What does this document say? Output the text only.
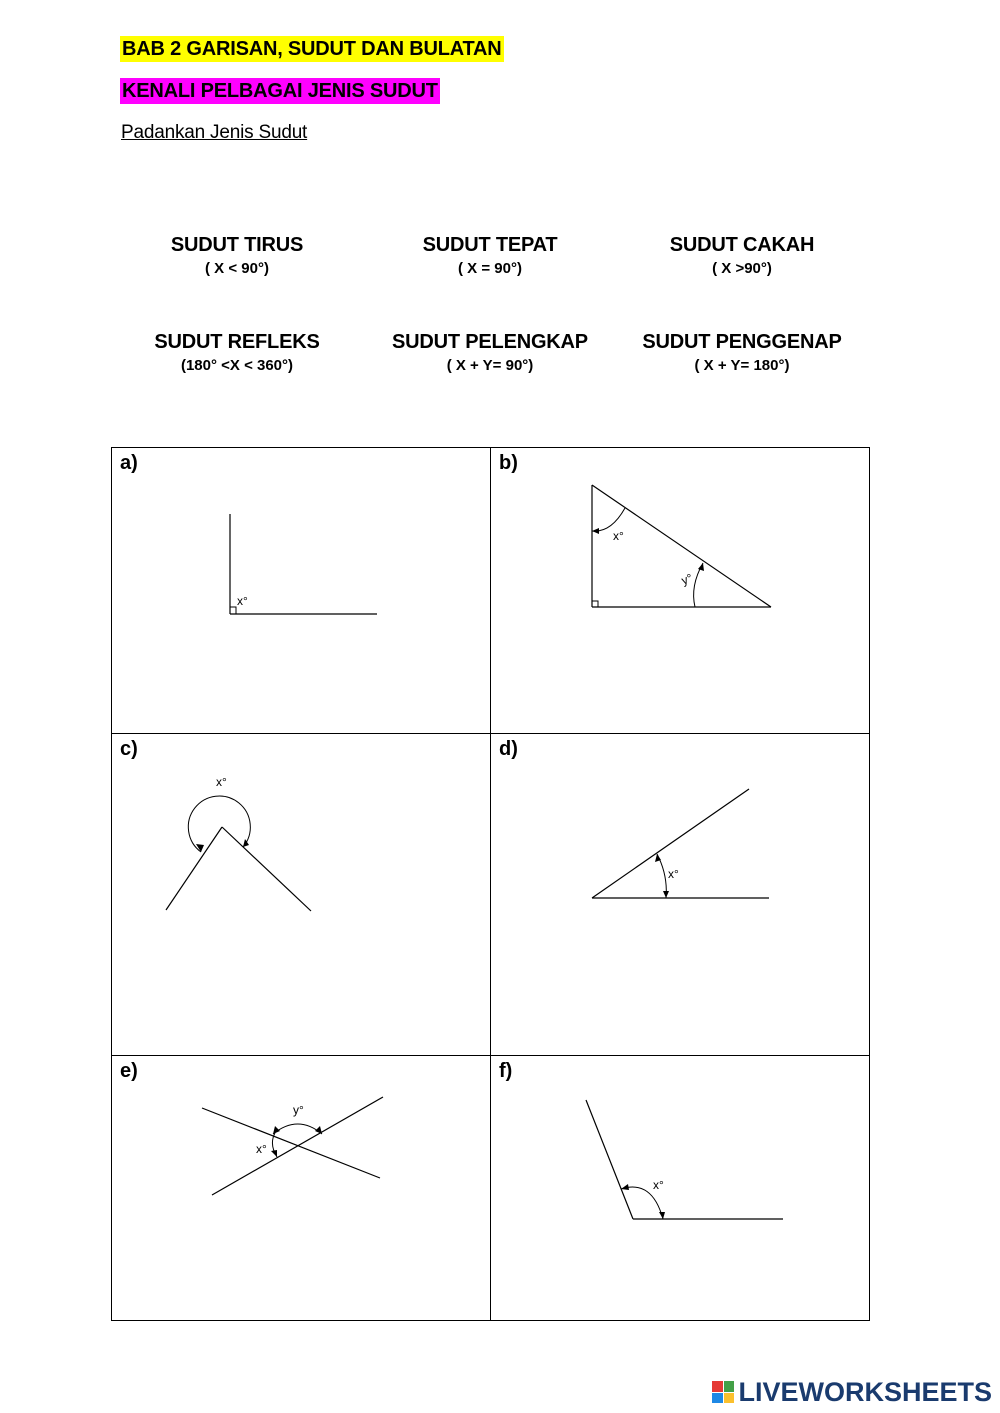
BAB 2 GARISAN, SUDUT DAN BULATAN
KENALI PELBAGAI JENIS SUDUT
Padankan Jenis Sudut
SUDUT TIRUS
( X < 90°)
SUDUT TEPAT
( X = 90°)
SUDUT CAKAH
( X >90°)
SUDUT REFLEKS
(180° <X < 360°)
SUDUT PELENGKAP
( X + Y= 90°)
SUDUT PENGGENAP
( X + Y= 180°)
a)
x°
b)
x°
y°
c)
x°
d)
x°
e)
y°
x°
f)
x°
LIVEWORKSHEETS
